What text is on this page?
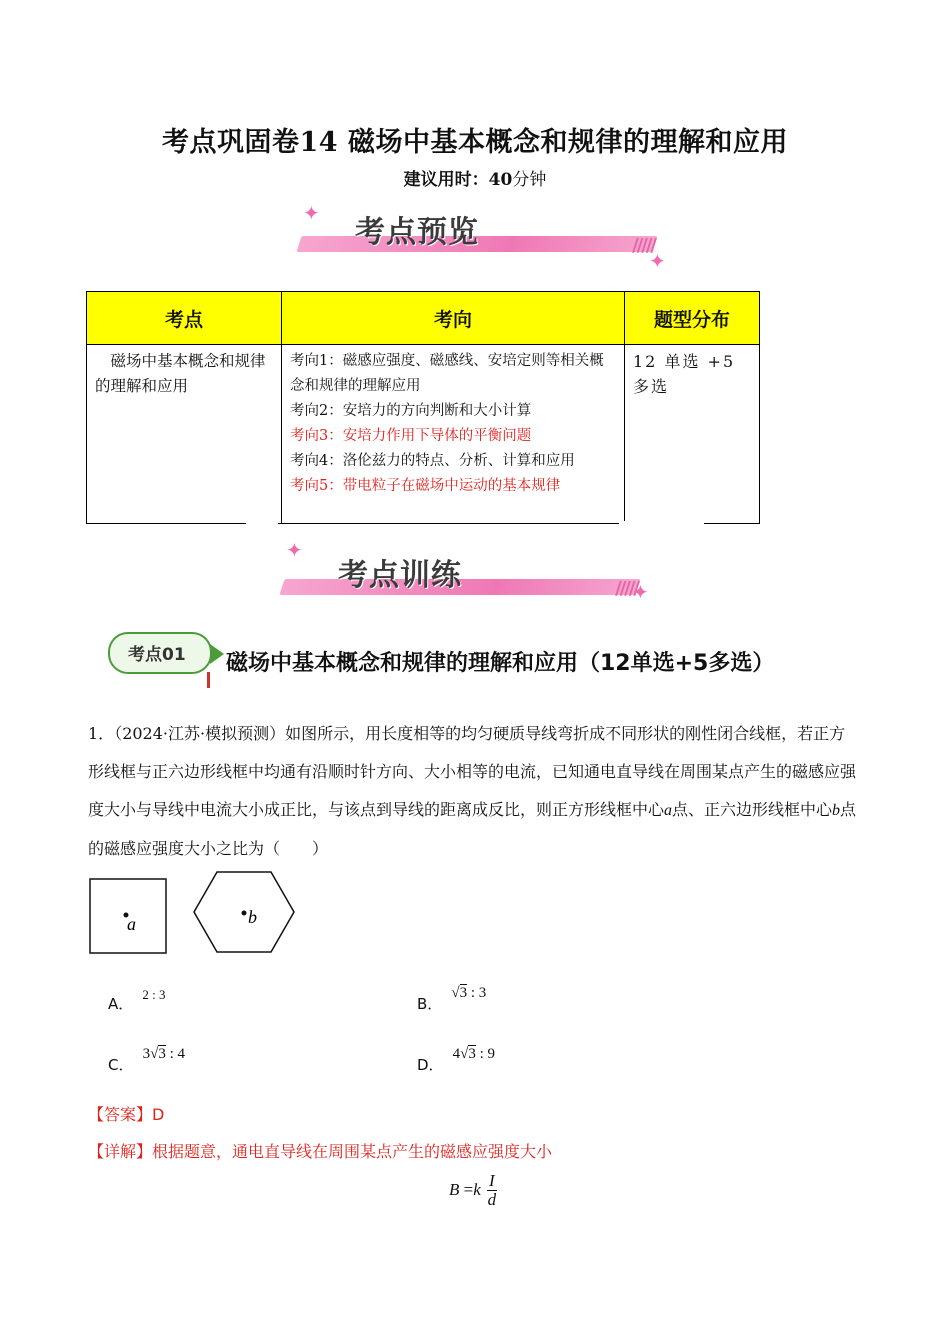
考点巩固卷14 磁场中基本概念和规律的理解和应用
建议用时：40分钟
✦
考点预览	/////
✦
考点	考向	题型分布
磁场中基本概念和规律的理解和应用	考向1：磁感应强度、磁感线、安培定则等相关概念和规律的理解应用
考向2：安培力的方向判断和大小计算
考向3：安培力作用下导体的平衡问题
考向4：洛伦兹力的特点、分析、计算和应用
考向5：带电粒子在磁场中运动的基本规律	12 单选 +5 多选
✦
考点训练	/////
✦
考点01 磁场中基本概念和规律的理解和应用（12单选+5多选）
1．（2024·江苏·模拟预测）如图所示，用长度相等的均匀硬质导线弯折成不同形状的刚性闭合线框，若正方形线框与正六边形线框中均通有沿顺时针方向、大小相等的电流，已知通电直导线在周围某点产生的磁感应强度大小与导线中电流大小成正比，与该点到导线的距离成反比，则正方形线框中心a点、正六边形线框中心b点的磁感应强度大小之比为（　　）
a	b
A． $^{2 : 3}$
B． √3 : 3
C． 3√3 : 4
D． 4√3 : 9
【答案】D
【详解】根据题意，通电直导线在周围某点产生的磁感应强度大小
$B =k \frac{I}{d}$
